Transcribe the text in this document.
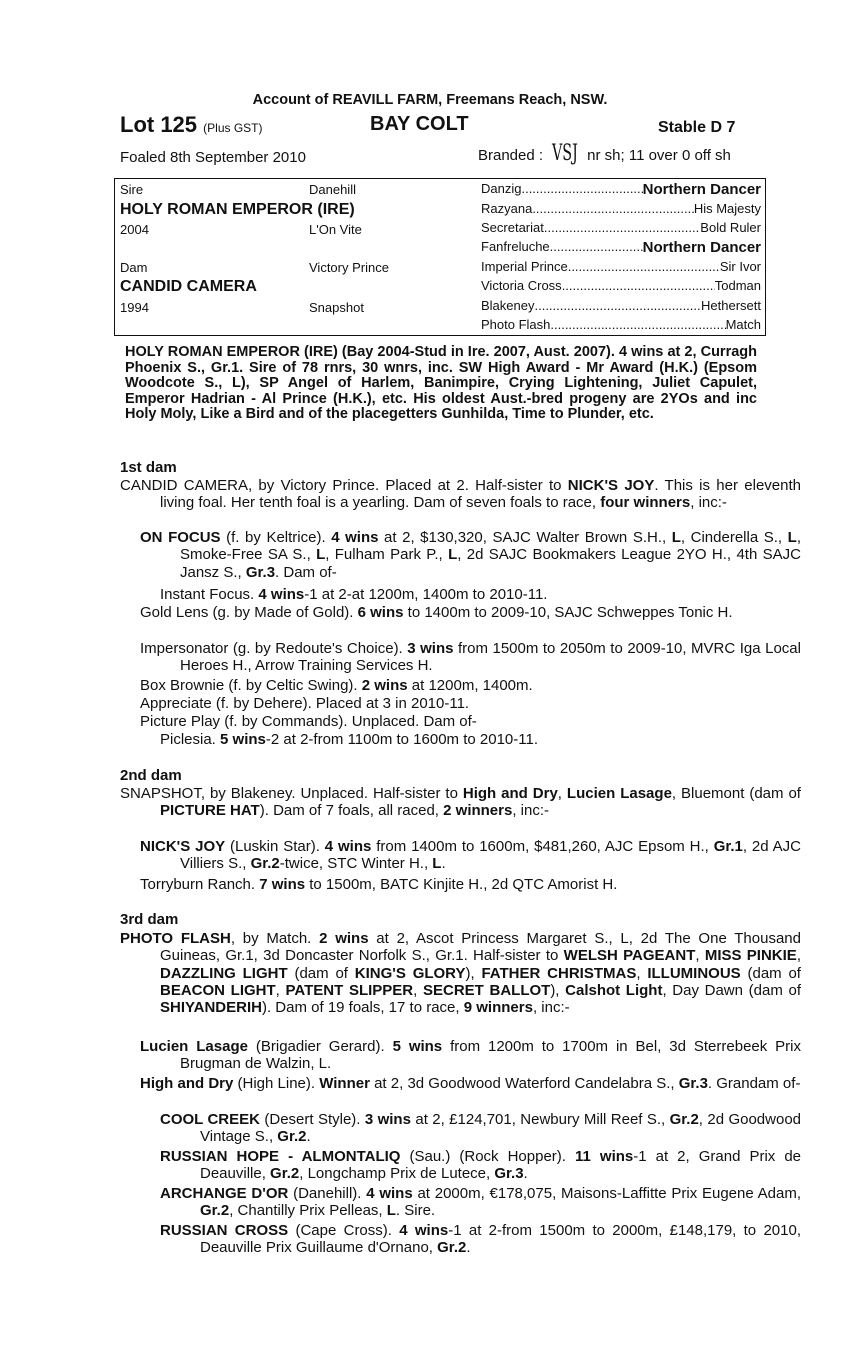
Account of REAVILL FARM, Freemans Reach, NSW.
Lot 125 (Plus GST)	BAY COLT	Stable D 7
Foaled 8th September 2010	Branded : VSJ nr sh; 11 over 0 off sh
Sire	Danehill
HOLY ROMAN EMPEROR (IRE)
2004	L'On Vite
Dam	Victory Prince
CANDID CAMERA
1994	Snapshot
Danzig .....	Northern Dancer
Razyana .....	His Majesty
Secretariat .....	Bold Ruler
Fanfreluche .....	Northern Dancer
Imperial Prince .....	Sir Ivor
Victoria Cross .....	Todman
Blakeney .....	Hethersett
Photo Flash .....	Match
HOLY ROMAN EMPEROR (IRE) (Bay 2004-Stud in Ire. 2007, Aust. 2007). 4 wins at 2, Curragh Phoenix S., Gr.1. Sire of 78 rnrs, 30 wnrs, inc. SW High Award - Mr Award (H.K.) (Epsom Woodcote S., L), SP Angel of Harlem, Banimpire, Crying Lightening, Juliet Capulet, Emperor Hadrian - Al Prince (H.K.), etc. His oldest Aust.-bred progeny are 2YOs and inc Holy Moly, Like a Bird and of the placegetters Gunhilda, Time to Plunder, etc.
1st dam
CANDID CAMERA, by Victory Prince. Placed at 2. Half-sister to NICK'S JOY. This is her eleventh living foal. Her tenth foal is a yearling. Dam of seven foals to race, four winners, inc:-
ON FOCUS (f. by Keltrice). 4 wins at 2, $130,320, SAJC Walter Brown S.H., L, Cinderella S., L, Smoke-Free SA S., L, Fulham Park P., L, 2d SAJC Bookmakers League 2YO H., 4th SAJC Jansz S., Gr.3. Dam of-
Instant Focus. 4 wins-1 at 2-at 1200m, 1400m to 2010-11.
Gold Lens (g. by Made of Gold). 6 wins to 1400m to 2009-10, SAJC Schweppes Tonic H.
Impersonator (g. by Redoute's Choice). 3 wins from 1500m to 2050m to 2009-10, MVRC Iga Local Heroes H., Arrow Training Services H.
Box Brownie (f. by Celtic Swing). 2 wins at 1200m, 1400m.
Appreciate (f. by Dehere). Placed at 3 in 2010-11.
Picture Play (f. by Commands). Unplaced. Dam of-
Piclesia. 5 wins-2 at 2-from 1100m to 1600m to 2010-11.
2nd dam
SNAPSHOT, by Blakeney. Unplaced. Half-sister to High and Dry, Lucien Lasage, Bluemont (dam of PICTURE HAT). Dam of 7 foals, all raced, 2 winners, inc:-
NICK'S JOY (Luskin Star). 4 wins from 1400m to 1600m, $481,260, AJC Epsom H., Gr.1, 2d AJC Villiers S., Gr.2-twice, STC Winter H., L.
Torryburn Ranch. 7 wins to 1500m, BATC Kinjite H., 2d QTC Amorist H.
3rd dam
PHOTO FLASH, by Match. 2 wins at 2, Ascot Princess Margaret S., L, 2d The One Thousand Guineas, Gr.1, 3d Doncaster Norfolk S., Gr.1. Half-sister to WELSH PAGEANT, MISS PINKIE, DAZZLING LIGHT (dam of KING'S GLORY), FATHER CHRISTMAS, ILLUMINOUS (dam of BEACON LIGHT, PATENT SLIPPER, SECRET BALLOT), Calshot Light, Day Dawn (dam of SHIYANDERIH). Dam of 19 foals, 17 to race, 9 winners, inc:-
Lucien Lasage (Brigadier Gerard). 5 wins from 1200m to 1700m in Bel, 3d Sterrebeek Prix Brugman de Walzin, L.
High and Dry (High Line). Winner at 2, 3d Goodwood Waterford Candelabra S., Gr.3. Grandam of-
COOL CREEK (Desert Style). 3 wins at 2, £124,701, Newbury Mill Reef S., Gr.2, 2d Goodwood Vintage S., Gr.2.
RUSSIAN HOPE - ALMONTALIQ (Sau.) (Rock Hopper). 11 wins-1 at 2, Grand Prix de Deauville, Gr.2, Longchamp Prix de Lutece, Gr.3.
ARCHANGE D'OR (Danehill). 4 wins at 2000m, €178,075, Maisons-Laffitte Prix Eugene Adam, Gr.2, Chantilly Prix Pelleas, L. Sire.
RUSSIAN CROSS (Cape Cross). 4 wins-1 at 2-from 1500m to 2000m, £148,179, to 2010, Deauville Prix Guillaume d'Ornano, Gr.2.
